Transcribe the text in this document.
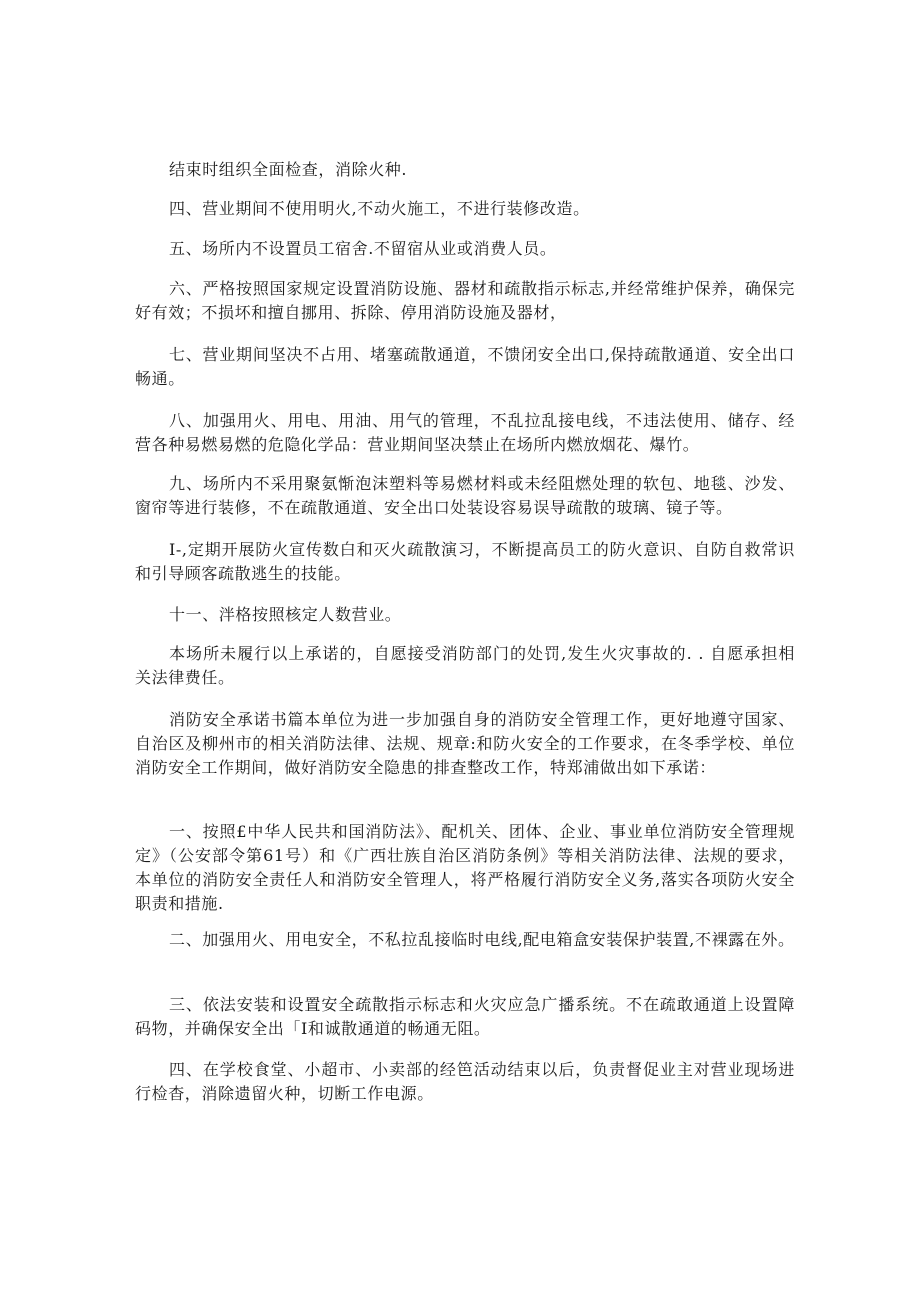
结束时组织全面检查，消除火种.

四、营业期间不使用明火,不动火施工，不进行装修改造。

五、场所内不设置员工宿舍.不留宿从业或消费人员。

六、严格按照国家规定设置消防设施、器材和疏散指示标志,并经常维护保养，确保完好有效；不损坏和擅自挪用、拆除、停用消防设施及器材，

七、营业期间坚决不占用、堵塞疏散通道，不馈闭安全出口,保持疏散通道、安全出口畅通。

八、加强用火、用电、用油、用气的管理，不乱拉乱接电线，不违法使用、储存、经营各种易燃易燃的危隐化学品：营业期间坚决禁止在场所内燃放烟花、爆竹。

九、场所内不采用聚氨惭泡沫塑料等易燃材料或未经阻燃处理的软包、地毯、沙发、窗帘等进行装修，不在疏散通道、安全出口处装设容易误导疏散的玻璃、镜子等。

I-,定期开展防火宣传数白和灭火疏散演习，不断提高员工的防火意识、自防自救常识和引导顾客疏散逃生的技能。

十一、泮格按照核定人数营业。

本场所未履行以上承诺的，自愿接受消防部门的处罚,发生火灾事故的. . 自愿承担相关法律费任。

消防安全承诺书篇本单位为进一步加强自身的消防安全管理工作，更好地遵守国家、自治区及柳州市的相关消防法律、法规、规章:和防火安全的工作要求，在冬季学校、单位消防安全工作期间，做好消防安全隐患的排查整改工作，特郑浦做出如下承诺：

一、按照£中华人民共和国消防法》、配机关、团体、企业、事业单位消防安全管理规定》（公安部令第61号）和《广西壮族自治区消防条例》等相关消防法律、法规的要求，本单位的消防安全责任人和消防安全管理人，将严格履行消防安全义务,落实各项防火安全职责和措施.

二、加强用火、用电安全，不私拉乱接临时电线,配电箱盒安装保护装置,不裸露在外。

三、依法安装和设置安全疏散指示标志和火灾应急广播系统。不在疏敢通道上设置障码物，并确保安全出「I和诚散通道的畅通无阻。

四、在学校食堂、小超市、小卖部的经笆活动结束以后，负责督促业主对营业现场进行检杳，消除遗留火种，切断工作电源。
